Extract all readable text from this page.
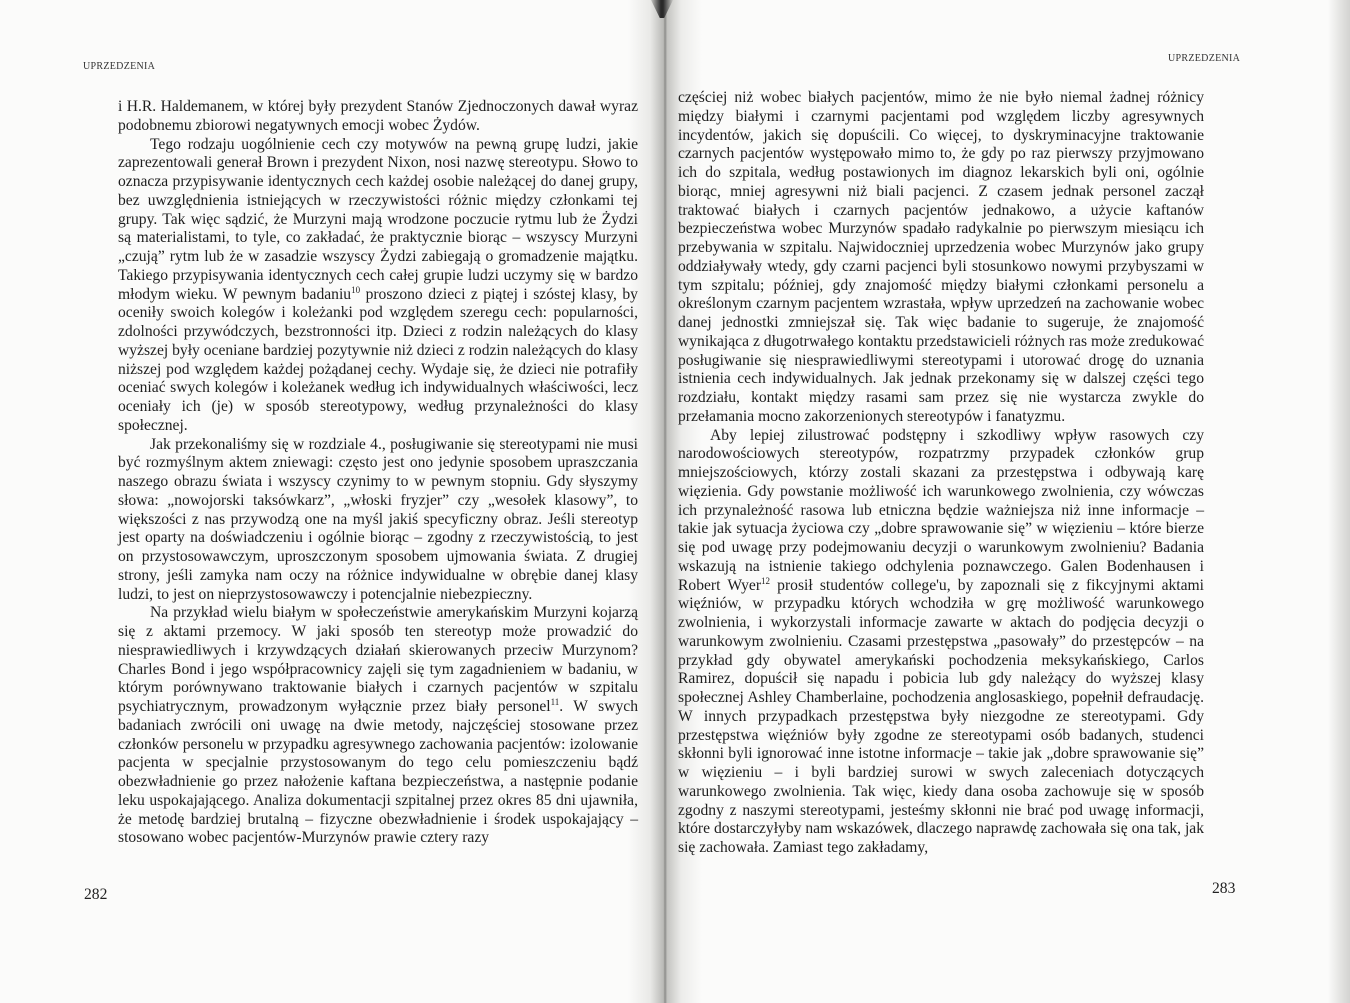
UPRZEDZENIA
UPRZEDZENIA

i H.R. Haldemanem, w której były prezydent Stanów Zjednoczonych dawał wyraz podobnemu zbiorowi negatywnych emocji wobec Żydów.

Tego rodzaju uogólnienie cech czy motywów na pewną grupę ludzi, jakie zaprezentowali generał Brown i prezydent Nixon, nosi nazwę stereotypu. Słowo to oznacza przypisywanie identycznych cech każdej osobie należącej do danej grupy, bez uwzględnienia istniejących w rzeczywistości różnic między członkami tej grupy. Tak więc sądzić, że Murzyni mają wrodzone poczucie rytmu lub że Żydzi są materialistami, to tyle, co zakładać, że praktycznie biorąc – wszyscy Murzyni „czują” rytm lub że w zasadzie wszyscy Żydzi zabiegają o gromadzenie majątku. Takiego przypisywania identycznych cech całej grupie ludzi uczymy się w bardzo młodym wieku. W pewnym badaniu$^{10}$ proszono dzieci z piątej i szóstej klasy, by oceniły swoich kolegów i koleżanki pod względem szeregu cech: popularności, zdolności przywódczych, bezstronności itp. Dzieci z rodzin należących do klasy wyższej były oceniane bardziej pozytywnie niż dzieci z rodzin należących do klasy niższej pod względem każdej pożądanej cechy. Wydaje się, że dzieci nie potrafiły oceniać swych kolegów i koleżanek według ich indywidualnych właściwości, lecz oceniały ich (je) w sposób stereotypowy, według przynależności do klasy społecznej.

Jak przekonaliśmy się w rozdziale 4., posługiwanie się stereotypami nie musi być rozmyślnym aktem zniewagi: często jest ono jedynie sposobem upraszczania naszego obrazu świata i wszyscy czynimy to w pewnym stopniu. Gdy słyszymy słowa: „nowojorski taksówkarz”, „włoski fryzjer” czy „wesołek klasowy”, to większości z nas przywodzą one na myśl jakiś specyficzny obraz. Jeśli stereotyp jest oparty na doświadczeniu i ogólnie biorąc – zgodny z rzeczywistością, to jest on przystosowawczym, uproszczonym sposobem ujmowania świata. Z drugiej strony, jeśli zamyka nam oczy na różnice indywidualne w obrębie danej klasy ludzi, to jest on nieprzystosowawczy i potencjalnie niebezpieczny.

Na przykład wielu białym w społeczeństwie amerykańskim Murzyni kojarzą się z aktami przemocy. W jaki sposób ten stereotyp może prowadzić do niesprawiedliwych i krzywdzących działań skierowanych przeciw Murzynom? Charles Bond i jego współpracownicy zajęli się tym zagadnieniem w badaniu, w którym porównywano traktowanie białych i czarnych pacjentów w szpitalu psychiatrycznym, prowadzonym wyłącznie przez biały personel$^{11}$. W swych badaniach zwrócili oni uwagę na dwie metody, najczęściej stosowane przez członków personelu w przypadku agresywnego zachowania pacjentów: izolowanie pacjenta w specjalnie przystosowanym do tego celu pomieszczeniu bądź obezwładnienie go przez nałożenie kaftana bezpieczeństwa, a następnie podanie leku uspokajającego. Analiza dokumentacji szpitalnej przez okres 85 dni ujawniła, że metodę bardziej brutalną – fizyczne obezwładnienie i środek uspokajający – stosowano wobec pacjentów-Murzynów prawie cztery razy

częściej niż wobec białych pacjentów, mimo że nie było niemal żadnej różnicy między białymi i czarnymi pacjentami pod względem liczby agresywnych incydentów, jakich się dopuścili. Co więcej, to dyskryminacyjne traktowanie czarnych pacjentów występowało mimo to, że gdy po raz pierwszy przyjmowano ich do szpitala, według postawionych im diagnoz lekarskich byli oni, ogólnie biorąc, mniej agresywni niż biali pacjenci. Z czasem jednak personel zaczął traktować białych i czarnych pacjentów jednakowo, a użycie kaftanów bezpieczeństwa wobec Murzynów spadało radykalnie po pierwszym miesiącu ich przebywania w szpitalu. Najwidoczniej uprzedzenia wobec Murzynów jako grupy oddziaływały wtedy, gdy czarni pacjenci byli stosunkowo nowymi przybyszami w tym szpitalu; później, gdy znajomość między białymi członkami personelu a określonym czarnym pacjentem wzrastała, wpływ uprzedzeń na zachowanie wobec danej jednostki zmniejszał się. Tak więc badanie to sugeruje, że znajomość wynikająca z długotrwałego kontaktu przedstawicieli różnych ras może zredukować posługiwanie się niesprawiedliwymi stereotypami i utorować drogę do uznania istnienia cech indywidualnych. Jak jednak przekonamy się w dalszej części tego rozdziału, kontakt między rasami sam przez się nie wystarcza zwykle do przełamania mocno zakorzenionych stereotypów i fanatyzmu.

Aby lepiej zilustrować podstępny i szkodliwy wpływ rasowych czy narodowościowych stereotypów, rozpatrzmy przypadek członków grup mniejszościowych, którzy zostali skazani za przestępstwa i odbywają karę więzienia. Gdy powstanie możliwość ich warunkowego zwolnienia, czy wówczas ich przynależność rasowa lub etniczna będzie ważniejsza niż inne informacje – takie jak sytuacja życiowa czy „dobre sprawowanie się” w więzieniu – które bierze się pod uwagę przy podejmowaniu decyzji o warunkowym zwolnieniu? Badania wskazują na istnienie takiego odchylenia poznawczego. Galen Bodenhausen i Robert Wyer$^{12}$ prosił studentów college'u, by zapoznali się z fikcyjnymi aktami więźniów, w przypadku których wchodziła w grę możliwość warunkowego zwolnienia, i wykorzystali informacje zawarte w aktach do podjęcia decyzji o warunkowym zwolnieniu. Czasami przestępstwa „pasowały” do przestępców – na przykład gdy obywatel amerykański pochodzenia meksykańskiego, Carlos Ramirez, dopuścił się napadu i pobicia lub gdy należący do wyższej klasy społecznej Ashley Chamberlaine, pochodzenia anglosaskiego, popełnił defraudację. W innych przypadkach przestępstwa były niezgodne ze stereotypami. Gdy przestępstwa więźniów były zgodne ze stereotypami osób badanych, studenci skłonni byli ignorować inne istotne informacje – takie jak „dobre sprawowanie się” w więzieniu – i byli bardziej surowi w swych zaleceniach dotyczących warunkowego zwolnienia. Tak więc, kiedy dana osoba zachowuje się w sposób zgodny z naszymi stereotypami, jesteśmy skłonni nie brać pod uwagę informacji, które dostarczyłyby nam wskazówek, dlaczego naprawdę zachowała się ona tak, jak się zachowała. Zamiast tego zakładamy,

282	283
